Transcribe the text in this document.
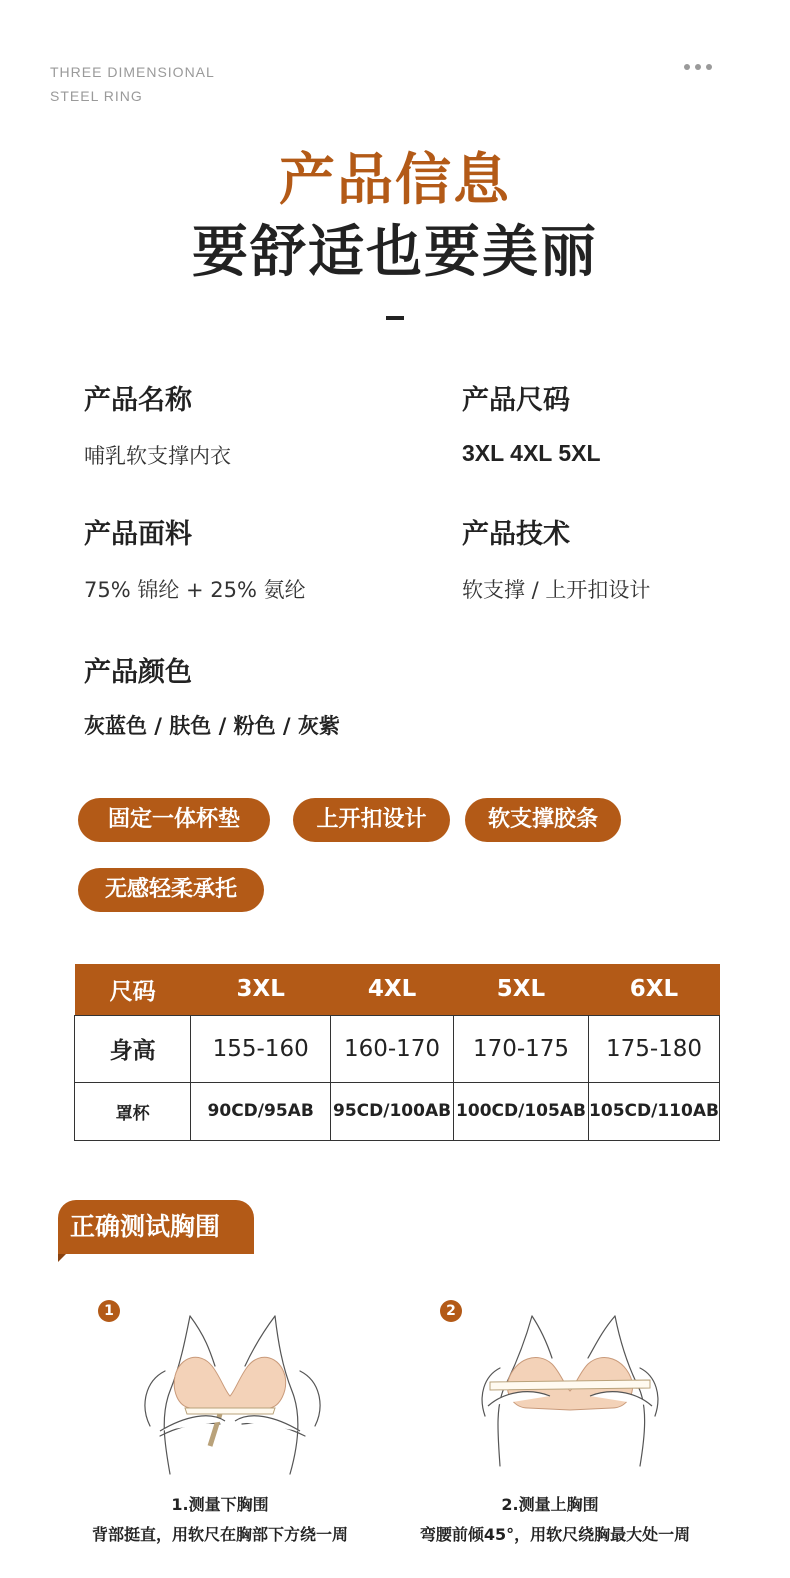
THREE DIMENSIONAL
STEEL RING
产品信息
要舒适也要美丽
产品名称
哺乳软支撑内衣
产品尺码
3XL 4XL 5XL
产品面料
75% 锦纶 + 25% 氨纶
产品技术
软支撑 / 上开扣设计
产品颜色
灰蓝色 / 肤色 / 粉色 / 灰紫
固定一体杯垫	上开扣设计	软支撑胶条
无感轻柔承托
尺码	3XL	4XL	5XL	6XL
身高	155-160	160-170	170-175	175-180
罩杯	90CD/95AB	95CD/100AB	100CD/105AB	105CD/110AB
正确测试胸围
1	2
1.测量下胸围
背部挺直，用软尺在胸部下方绕一周
2.测量上胸围
弯腰前倾45°，用软尺绕胸最大处一周
